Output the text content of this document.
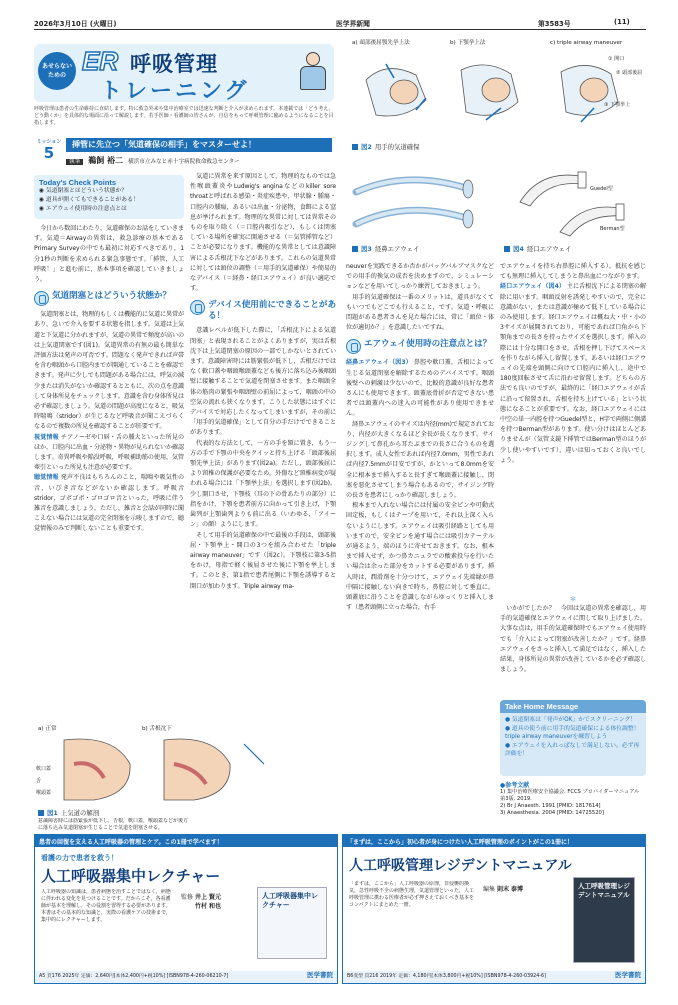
2026年3月10日 (火曜日)	医学界新聞	第3583号	(11)
あせらない ための ER 呼吸管理
トレーニング
呼吸管理は患者の生命維持に直結します。特に救急外来や集中治療室では迅速な判断と介入が求められます。本連載では「どう考え、どう動くか」を具体的な場面に沿って解説します。若手医師・看護師の皆さんが、自信をもって呼吸管理に臨めるようになることを目指します。
ミッション
5	挿管に先立つ「気道確保の相手」をマスターせよ！
執筆 鵜飼 裕二 横浜市立みなと赤十字病院救命救急センター
a) 頭部後屈顎先挙上法	b) 下顎挙上法	c) triple airway maneuver
① 開口
② 頭部後屈
③ 下顎挙上
図2 用手的気道確保
図3 経鼻エアウェイ
Guedel型
Berman型
図4 経口エアウェイ
Today's Check Points
◉ 気道閉塞とはどういう状態か？
◉ 道具が開くてもできることがある！
◉ エアウェイ使用時の注意点とは

今日から数回にわたり，気道確保のお話をしていきます。気道＝Airwayの異常は，救急診療の基本であるPrimary Surveyの中でも最初に対応すべきであり，1分1秒の判断を求められる緊急事態です。「挿管，人工呼吸！」と進む前に，基本事項を確認していきましょう。

気道閉塞とはどういう状態か？

気道閉塞とは，物理的もしくは機能的に気道に異常があり，急いで介入を要する状態を指します。気道は上気道と下気道に分かれますが，気道の異常で頻度が高いのは上気道閉塞です(図1)。気道異常の有無の最も簡単な評価方法は発声の可否です。問題なく発声できれば声帯を含む咽頭から口腔内までが開通していることを確認できます。発声に少しでも問題がある場合には，呼気の減少または消失がないか確認するとともに，次の点を意識して身体所見をチェックします。意識を含む身体所見は必ず確認しましょう。気道の問題が高度になると，吸気時喘鳴（stridor）が生じるなど呼吸音が聞こえづらくなるので複数の所見を確認することが肝要です。

視覚情報 チアノーゼや口唇・舌の腫大といった所見のほか，口腔内に出血・分泌物・異物が見られないか確認します。奇異呼吸や陥没呼吸，呼吸補助筋の使用，気管牽引といった所見も注意が必要です。

聴覚情報 発声不良はもちろんのこと，喘鳴や吸気性の音，いびき音などがないか確認します。呼吸音stridor，ゴボゴボ・ゴロゴロ音といった，呼吸に伴う雑音を意識しましょう。ただし，雑音と会話が同時に聞こえない場合には気道の完全閉塞を示唆しますので，聴覚情報のみで判断しないことも重要です。

a) 正常	b) 舌根沈下
軟口蓋
舌
喉頭蓋
図1 上気道の解剖
意識障害時には筋緊張が低下し，舌根，軟口蓋，喉頭蓋などが後方に落ち込み気道閉塞が生じることで気道を閉塞させる。

気道に異常を来す原因として，物理的なものでは急性喉頭蓋炎やLudwig's anginaなどのkiller sore throatと呼ばれる感染・炎症疾患や，甲状腺・腫瘍・口腔内の腫瘍，あるいは出血・分泌物，食餌による窒息が挙げられます。物理的な異常に対しては異常そのものを取り除く（＝口腔内吸引など），もしくは閉塞している場所を確実に開通させる（＝気管挿管など）ことが必要になります。機能的な異常としては意識障害による舌根沈下などがあります。これらの気道異常に対しては頭位の調整（＝用手的気道確保）や簡易的なデバイス（＝経鼻・経口エアウェイ）が良い適応です。

デバイス使用前にできることがある！

意識レベルが低下した際に，「舌根沈下による気道閉塞」と表現されることがよくありますが，実は舌根沈下は上気道閉塞の原因の一部でしかないとされています。意識障害時には筋緊張が低下し，舌根だけではなく軟口蓋や咽頭喉頭蓋なども後方に落ち込み後咽頭壁に接触することで気道を閉塞させます。また咽頭全体の筋肉の緊張や咽頭壁の前屈によって，咽頭の中の空気の流れも狭くなります。こうした状態にはすぐにデバイスで対応したくなってしまいますが，その前に「用手的気道確保」として自分の手だけでできることがあります。

代表的な方法として，一方の手を額に置き，もう一方の手で下顎の中央をクイッと持ち上げる「頭部後屈顎先挙上法」があります(図2a)。ただし，頭部後屈により頸椎の保護が必要なため，外傷など頸椎病変が疑われる場合には「下顎挙上法」を選択します(図2b)。少し開口させ，下顎枝（耳の下の骨あたりの部分）に指をかけ，下顎を患者前方に向かって引き上げ，下顎歯列が上顎歯列よりも前に出る（いわゆる，「アイーン」の顔）ようにします。

そして用手的気道確保の中で最後の手段は，頭部後屈・下顎挙上・開口の3つを組み合わせた「triple airway maneuver」です（図2c）。下顎枝に第3-5指をかけ，母指で軽く後屈させた後に下顎を挙上します。このとき，第1指で患者尾側に下顎を誘導すると開口が加わります。Triple airway ma-

neuverを実践できるか否かがバッグバルブマスクなどでの用手的換気の成否を決めますので，シミュレーションなどを用いてしっかり練習しておきましょう。

用手的気道確保は一番のメリットは，道具がなくてもいつでもどこでも行えること，です。気道・呼吸に問題がある患者さんを見た場合には，常に「頭位・体位が適切か？」を意識したいですね。

エアウェイ使用時の注意点とは？

経鼻エアウェイ（図3） 鼻腔や軟口蓋，舌根によって生じる気道閉塞を解除するためのデバイスです。咽頭後壁への刺激は少ないので，比較的意識が良好な患者さんにも使用できます。頭蓋底骨折が否定できない患者では頭蓋内への迷入の可能性があり使用できません。

経鼻エアウェイのサイズは内径(mm)で規定されており，内径が大きくなるほど全長が長くなります。サイジングして鼻孔から耳たぶまでの長さに合うものを選択します。成人女性であれば内径7.0mm，男性であれば内径7.5mmが目安ですが，かといって8.0mmを安全に根本まで挿入すると長すぎて喉頭蓋に接触し，閉塞を悪化させてしまう場合もあるので，サイジング時の長さを患者にしっかり確認しましょう。

根本まで入れない場合には付属の安全ピンや可動式固定板，もしくはテープを用いて，それ以上深く入らないようにします。エアウェイは吸引経路としても用いますので，安全ピンを通す場合には吸引カテーテルが通るよう，端のほうに寄せておきます。なお，根本まで挿入せず，かつ鼻カニュラでの酸素投与を行いたい場合は余った部分をカットする必要があります。挿入時は，潤滑剤を十分つけて，エアウェイ先端縁が鼻中隔に接触しない向きで時ち，鼻腔に対して垂直に，頭蓋底に沿うことを意識しながらゆっくりと挿入します（患者頭側に立った場合，右手

でエアウェイを持ち右鼻腔に挿入する）。抵抗を感じても無理に挿入してしまうと鼻出血につながります。

経口エアウェイ（図4） 主に舌根沈下による閉塞の解除に用います。咽頭反射を誘発しやすいので，完全に意識がない，または意識が極めて低下している場合にのみ使用します。経口エアウェイは概ね大・中・小の3サイズが展開されており，可能であれば口角から下顎角までの長さを持ったサイズを選択します。挿入の際には十分な開口をさせ，舌根を押し下げてスペースを作りながら挿入し留置します。あるいは経口エアウェイの先端を頭側に向けて口腔内に挿入し，途中で180度回転させて舌に沿わせ留置します。どちらの方法でも良いのですが，最終的に「経口エアウェイが舌に沿って留置され，舌根を持ち上げている」という状態になることが重要です。なお，経口エアウェイには中空の単一内腔を持つGuedel型と，H字で両側に側溝を持つBerman型があります。使い分けはほとんどありませんが（気管支鏡下挿管ではBerman型のほうが少し使いやすいです），違いは知っておくと良いでしょう。

＊

いかがでしたか？　今回は気道の異常を確認し，用手的気道確保とエアウェイに関して取り上げました。大事な点は，用手的気道確保時でもエアウェイ使用時でも「介入によって閉塞が改善したか？」です。経鼻エアウェイをさっと挿入して満足ではなく，挿入した結果，身体所見の異常が改善しているかを必ず確認しましょう。

Take Home Message
● 気道閉塞は「発声がOK」かでスクリーニング！
● 道具の使う前に用手的気道確保による体位調整！triple airway maneuverを練習しよう
● エアウェイを入れっぱなしで満足しない。必ず再評価を！
●参考文献
1) 集中治療医療安全協議会. FCCS プロバイダーマニュアル 第3版. 2019.
2) Br J Anaesth. 1991 [PMID: 1817614]
3) Anaesthesia. 2004 [PMID: 14725520]
患者の回復を支える人工呼吸器の管理とケア。この1冊で学べます！
看護の力で患者を救う！
人工呼吸器集中レクチャー
人工呼吸器の知識は，患者病態を治すことではなく，病態に伴われる変化を見つけることです。だからこそ，各看護師が基本を理解し，その役割を習得する必要があります。本書はその基本的な知識と，実際の看護ケアの技術まで，集中的にレクチャーします。
監修 井上 賢元
竹村 和也
人工呼吸器集中レクチャー
A5 頁176 2025年 定価：2,640円[本体2,400円+税10%] [ISBN978-4-260-06210-7]	医学書院
「まずは，ここから」初心者が身につけたい人工呼吸管理のポイントがこの1冊に！
人工呼吸管理レジデントマニュアル
「まずは，ここから」人工呼吸器の原理，非侵襲的換気，急性呼吸不全の病態生理，気道管理といった，人工呼吸管理に携わる医療者が必ず押さえておくべき基本をコンパクトにまとめた一冊。
編集 則末 泰博	人工呼吸管理レジデントマニュアル
B6変型 頁216 2019年 定価：4,180円[本体3,800円+税10%] [ISBN978-4-260-03924-6]	医学書院
